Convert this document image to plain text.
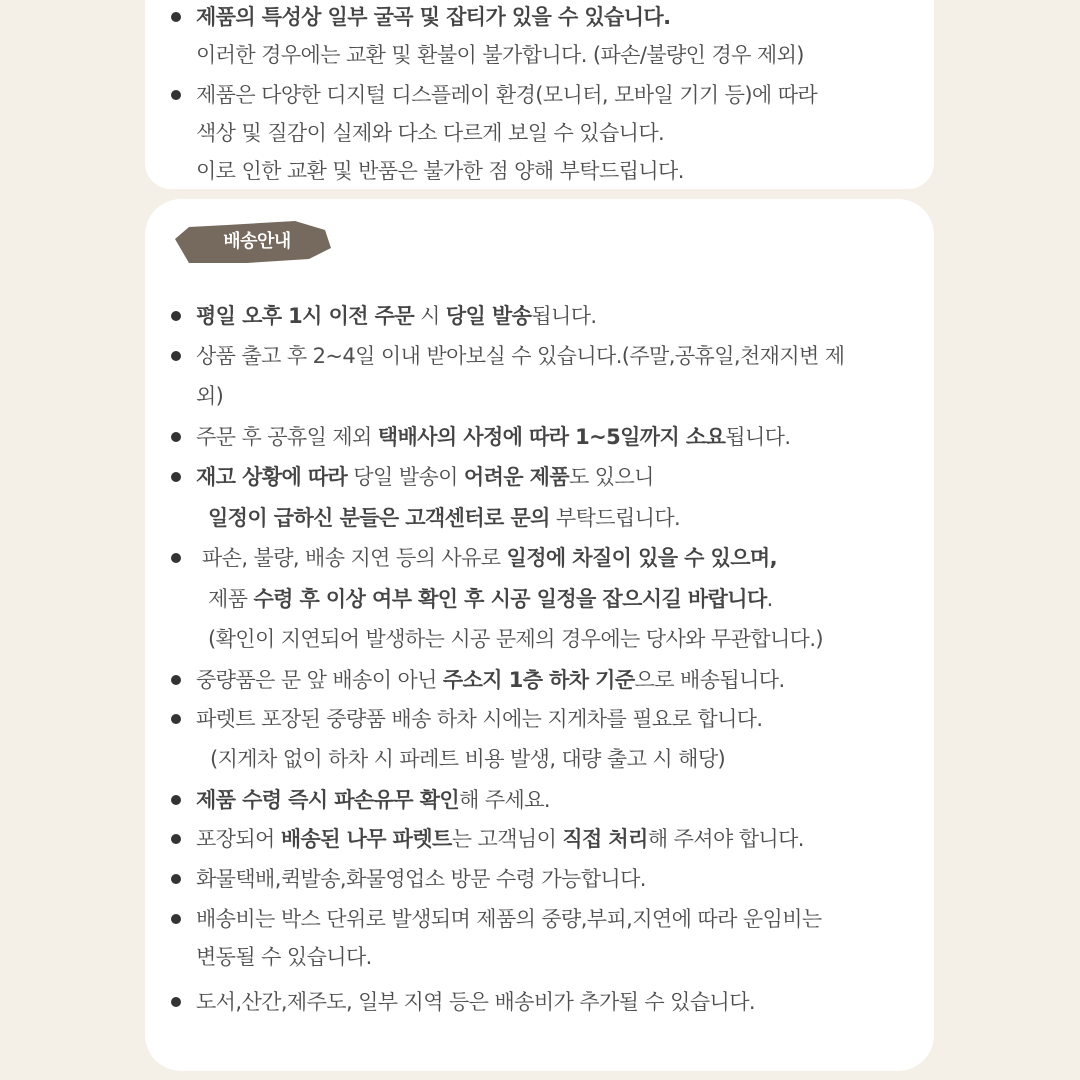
배송안내
제품의 특성상 일부 굴곡 및 잡티가 있을 수 있습니다.
이러한 경우에는 교환 및 환불이 불가합니다. (파손/불량인 경우 제외)
제품은 다양한 디지털 디스플레이 환경(모니터, 모바일 기기 등)에 따라
색상 및 질감이 실제와 다소 다르게 보일 수 있습니다.
이로 인한 교환 및 반품은 불가한 점 양해 부탁드립니다.
평일 오후 1시 이전 주문 시 당일 발송됩니다.
상품 출고 후 2~4일 이내 받아보실 수 있습니다.(주말,공휴일,천재지변 제
외)
주문 후 공휴일 제외 택배사의 사정에 따라 1~5일까지 소요됩니다.
재고 상황에 따라 당일 발송이 어려운 제품도 있으니
일정이 급하신 분들은 고객센터로 문의 부탁드립니다.
파손, 불량, 배송 지연 등의 사유로 일정에 차질이 있을 수 있으며,
제품 수령 후 이상 여부 확인 후 시공 일정을 잡으시길 바랍니다.
(확인이 지연되어 발생하는 시공 문제의 경우에는 당사와 무관합니다.)
중량품은 문 앞 배송이 아닌 주소지 1층 하차 기준으로 배송됩니다.
파렛트 포장된 중량품 배송 하차 시에는 지게차를 필요로 합니다.
(지게차 없이 하차 시 파레트 비용 발생, 대량 출고 시 해당)
제품 수령 즉시 파손유무 확인해 주세요.
포장되어 배송된 나무 파렛트는 고객님이 직접 처리해 주셔야 합니다.
화물택배,퀵발송,화물영업소 방문 수령 가능합니다.
배송비는 박스 단위로 발생되며 제품의 중량,부피,지연에 따라 운임비는
변동될 수 있습니다.
도서,산간,제주도, 일부 지역 등은 배송비가 추가될 수 있습니다.
